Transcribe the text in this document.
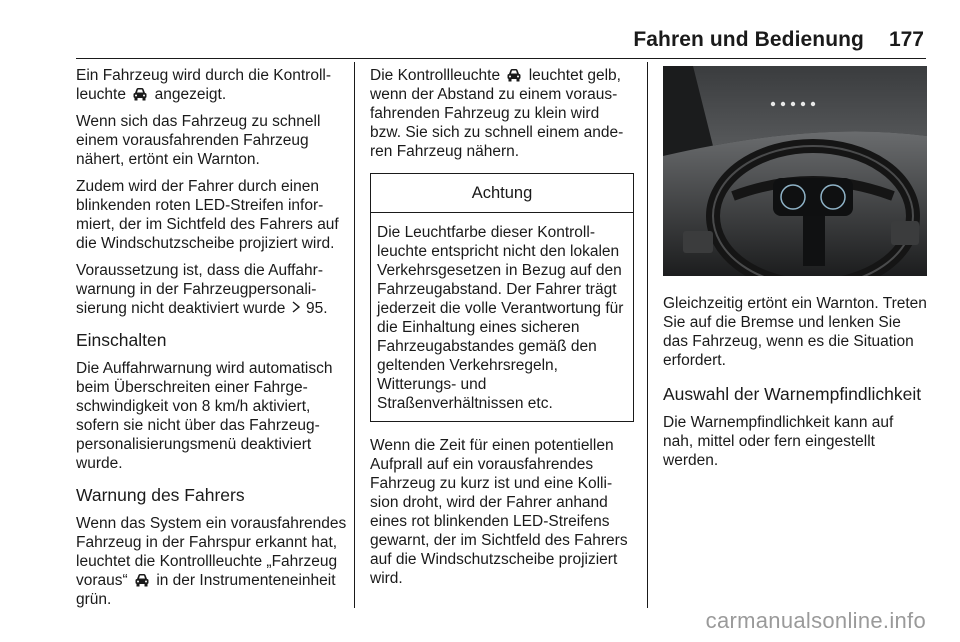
Fahren und Bedienung 177

Ein Fahrzeug wird durch die Kontrollleuchte angezeigt.

Wenn sich das Fahrzeug zu schnell einem vorausfahrenden Fahrzeug nähert, ertönt ein Warnton.

Zudem wird der Fahrer durch einen blinkenden roten LED-Streifen informiert, der im Sichtfeld des Fahrers auf die Windschutzscheibe projiziert wird.

Voraussetzung ist, dass die Auffahrwarnung in der Fahrzeugpersonalisierung nicht deaktiviert wurde 95.

Einschalten

Die Auffahrwarnung wird automatisch beim Überschreiten einer Fahrgeschwindigkeit von 8 km/h aktiviert, sofern sie nicht über das Fahrzeugpersonalisierungsmenü deaktiviert wurde.

Warnung des Fahrers

Wenn das System ein vorausfahrendes Fahrzeug in der Fahrspur erkannt hat, leuchtet die Kontrollleuchte „Fahrzeug voraus“ in der Instrumenteneinheit grün.

Die Kontrollleuchte leuchtet gelb, wenn der Abstand zu einem vorausfahrenden Fahrzeug zu klein wird bzw. Sie sich zu schnell einem anderen Fahrzeug nähern.

Achtung
Die Leuchtfarbe dieser Kontrollleuchte entspricht nicht den lokalen Verkehrsgesetzen in Bezug auf den Fahrzeugabstand. Der Fahrer trägt jederzeit die volle Verantwortung für die Einhaltung eines sicheren Fahrzeugabstandes gemäß den geltenden Verkehrsregeln, Witterungs- und Straßenverhältnissen etc.

Wenn die Zeit für einen potentiellen Aufprall auf ein vorausfahrendes Fahrzeug zu kurz ist und eine Kollision droht, wird der Fahrer anhand eines rot blinkenden LED-Streifens gewarnt, der im Sichtfeld des Fahrers auf die Windschutzscheibe projiziert wird.

Gleichzeitig ertönt ein Warnton. Treten Sie auf die Bremse und lenken Sie das Fahrzeug, wenn es die Situation erfordert.

Auswahl der Warnempfindlichkeit

Die Warnempfindlichkeit kann auf nah, mittel oder fern eingestellt werden.

carmanualsonline.info
